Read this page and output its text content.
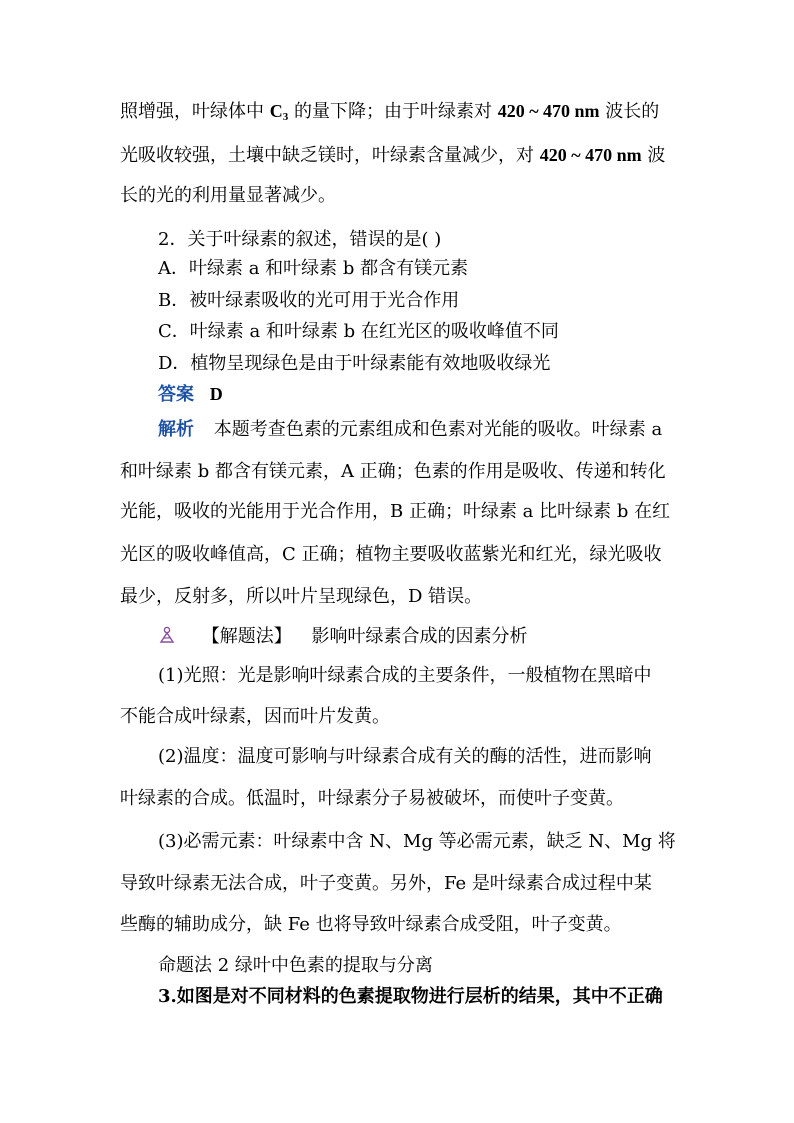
照增强，叶绿体中 $C_3$ 的量下降；由于叶绿素对 420 ~ 470 nm 波长的
光吸收较强，土壤中缺乏镁时，叶绿素含量减少，对 420 ~ 470 nm 波
长的光的利用量显著减少。
2．关于叶绿素的叙述，错误的是( )
A．叶绿素 a 和叶绿素 b 都含有镁元素
B．被叶绿素吸收的光可用于光合作用
C．叶绿素 a 和叶绿素 b 在红光区的吸收峰值不同
D．植物呈现绿色是由于叶绿素能有效地吸收绿光
答案 D
解析 本题考查色素的元素组成和色素对光能的吸收。叶绿素 a
和叶绿素 b 都含有镁元素，A 正确；色素的作用是吸收、传递和转化
光能，吸收的光能用于光合作用，B 正确；叶绿素 a 比叶绿素 b 在红
光区的吸收峰值高，C 正确；植物主要吸收蓝紫光和红光，绿光吸收
最少，反射多，所以叶片呈现绿色，D 错误。
【解题法】 影响叶绿素合成的因素分析
(1)光照：光是影响叶绿素合成的主要条件，一般植物在黑暗中
不能合成叶绿素，因而叶片发黄。
(2)温度：温度可影响与叶绿素合成有关的酶的活性，进而影响
叶绿素的合成。低温时，叶绿素分子易被破坏，而使叶子变黄。
(3)必需元素：叶绿素中含 N、Mg 等必需元素，缺乏 N、Mg 将
导致叶绿素无法合成，叶子变黄。另外，Fe 是叶绿素合成过程中某
些酶的辅助成分，缺 Fe 也将导致叶绿素合成受阻，叶子变黄。
命题法 2 绿叶中色素的提取与分离
3.如图是对不同材料的色素提取物进行层析的结果，其中不正确
